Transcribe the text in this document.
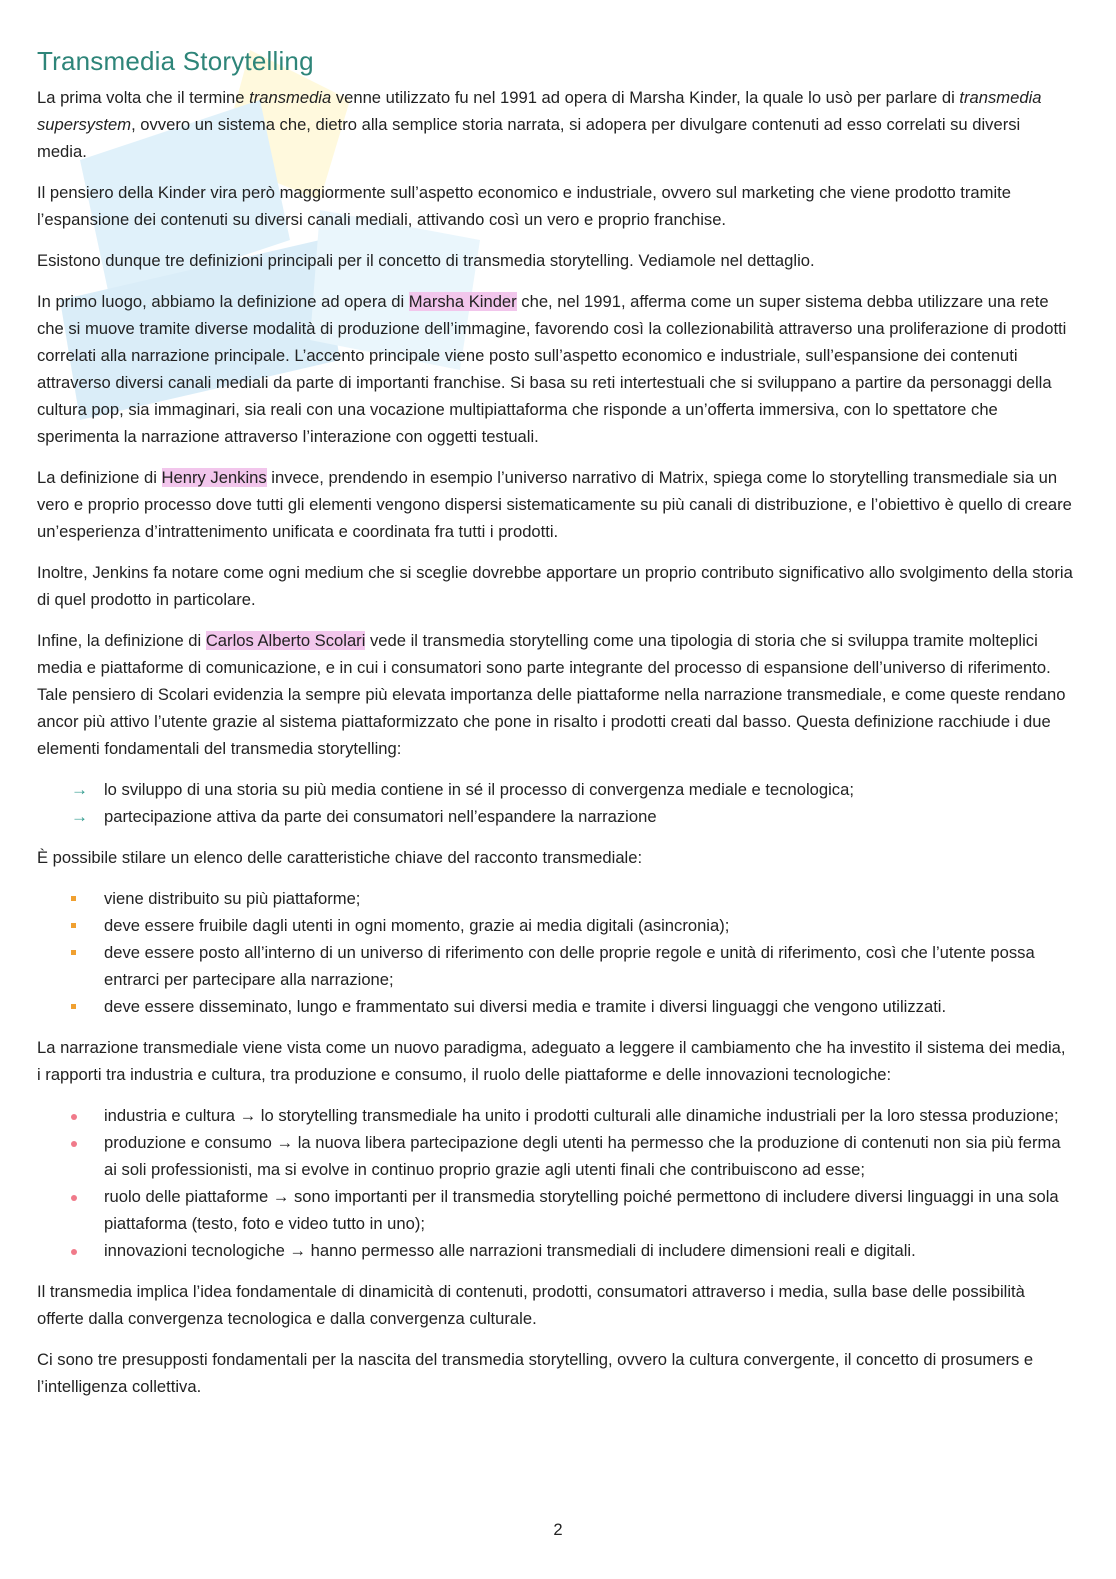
Transmedia Storytelling

La prima volta che il termine transmedia venne utilizzato fu nel 1991 ad opera di Marsha Kinder, la quale lo usò per parlare di transmedia supersystem, ovvero un sistema che, dietro alla semplice storia narrata, si adopera per divulgare contenuti ad esso correlati su diversi media.

Il pensiero della Kinder vira però maggiormente sull’aspetto economico e industriale, ovvero sul marketing che viene prodotto tramite l’espansione dei contenuti su diversi canali mediali, attivando così un vero e proprio franchise.

Esistono dunque tre definizioni principali per il concetto di transmedia storytelling. Vediamole nel dettaglio.

In primo luogo, abbiamo la definizione ad opera di Marsha Kinder che, nel 1991, afferma come un super sistema debba utilizzare una rete che si muove tramite diverse modalità di produzione dell’immagine, favorendo così la collezionabilità attraverso una proliferazione di prodotti correlati alla narrazione principale. L’accento principale viene posto sull’aspetto economico e industriale, sull’espansione dei contenuti attraverso diversi canali mediali da parte di importanti franchise. Si basa su reti intertestuali che si sviluppano a partire da personaggi della cultura pop, sia immaginari, sia reali con una vocazione multipiattaforma che risponde a un’offerta immersiva, con lo spettatore che sperimenta la narrazione attraverso l’interazione con oggetti testuali.

La definizione di Henry Jenkins invece, prendendo in esempio l’universo narrativo di Matrix, spiega come lo storytelling transmediale sia un vero e proprio processo dove tutti gli elementi vengono dispersi sistematicamente su più canali di distribuzione, e l’obiettivo è quello di creare un’esperienza d’intrattenimento unificata e coordinata fra tutti i prodotti.

Inoltre, Jenkins fa notare come ogni medium che si sceglie dovrebbe apportare un proprio contributo significativo allo svolgimento della storia di quel prodotto in particolare.

Infine, la definizione di Carlos Alberto Scolari vede il transmedia storytelling come una tipologia di storia che si sviluppa tramite molteplici media e piattaforme di comunicazione, e in cui i consumatori sono parte integrante del processo di espansione dell’universo di riferimento. Tale pensiero di Scolari evidenzia la sempre più elevata importanza delle piattaforme nella narrazione transmediale, e come queste rendano ancor più attivo l’utente grazie al sistema piattaformizzato che pone in risalto i prodotti creati dal basso. Questa definizione racchiude i due elementi fondamentali del transmedia storytelling:

→ lo sviluppo di una storia su più media contiene in sé il processo di convergenza mediale e tecnologica;
→ partecipazione attiva da parte dei consumatori nell’espandere la narrazione

È possibile stilare un elenco delle caratteristiche chiave del racconto transmediale:

viene distribuito su più piattaforme;
deve essere fruibile dagli utenti in ogni momento, grazie ai media digitali (asincronia);
deve essere posto all’interno di un universo di riferimento con delle proprie regole e unità di riferimento, così che l’utente possa entrarci per partecipare alla narrazione;
deve essere disseminato, lungo e frammentato sui diversi media e tramite i diversi linguaggi che vengono utilizzati.

La narrazione transmediale viene vista come un nuovo paradigma, adeguato a leggere il cambiamento che ha investito il sistema dei media, i rapporti tra industria e cultura, tra produzione e consumo, il ruolo delle piattaforme e delle innovazioni tecnologiche:

industria e cultura → lo storytelling transmediale ha unito i prodotti culturali alle dinamiche industriali per la loro stessa produzione;
produzione e consumo → la nuova libera partecipazione degli utenti ha permesso che la produzione di contenuti non sia più ferma ai soli professionisti, ma si evolve in continuo proprio grazie agli utenti finali che contribuiscono ad esse;
ruolo delle piattaforme → sono importanti per il transmedia storytelling poiché permettono di includere diversi linguaggi in una sola piattaforma (testo, foto e video tutto in uno);
innovazioni tecnologiche → hanno permesso alle narrazioni transmediali di includere dimensioni reali e digitali.

Il transmedia implica l’idea fondamentale di dinamicità di contenuti, prodotti, consumatori attraverso i media, sulla base delle possibilità offerte dalla convergenza tecnologica e dalla convergenza culturale.

Ci sono tre presupposti fondamentali per la nascita del transmedia storytelling, ovvero la cultura convergente, il concetto di prosumers e l’intelligenza collettiva.

2
